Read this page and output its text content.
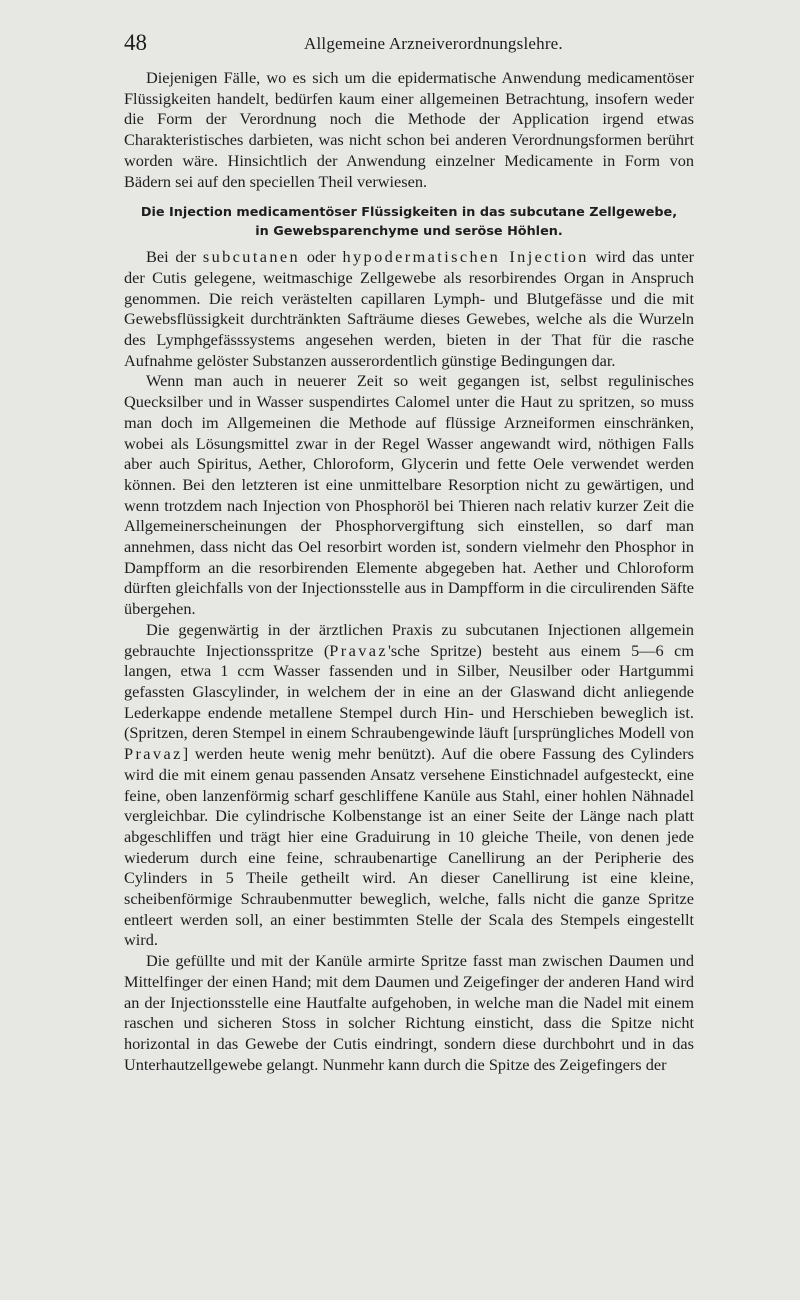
48	Allgemeine Arzneiverordnungslehre.

Diejenigen Fälle, wo es sich um die epidermatische Anwendung medicamentöser Flüssigkeiten handelt, bedürfen kaum einer allgemeinen Betrachtung, insofern weder die Form der Verordnung noch die Methode der Application irgend etwas Charakteristisches darbieten, was nicht schon bei anderen Verordnungsformen berührt worden wäre. Hinsichtlich der Anwendung einzelner Medicamente in Form von Bädern sei auf den speciellen Theil verwiesen.

Die Injection medicamentöser Flüssigkeiten in das subcutane Zellgewebe,
in Gewebsparenchyme und seröse Höhlen.

Bei der subcutanen oder hypodermatischen Injection wird das unter der Cutis gelegene, weitmaschige Zellgewebe als resorbirendes Organ in Anspruch genommen. Die reich verästelten capillaren Lymph- und Blutgefässe und die mit Gewebsflüssigkeit durchtränkten Safträume dieses Gewebes, welche als die Wurzeln des Lymphgefässsystems angesehen werden, bieten in der That für die rasche Aufnahme gelöster Substanzen ausserordentlich günstige Bedingungen dar.

Wenn man auch in neuerer Zeit so weit gegangen ist, selbst regulinisches Quecksilber und in Wasser suspendirtes Calomel unter die Haut zu spritzen, so muss man doch im Allgemeinen die Methode auf flüssige Arzneiformen einschränken, wobei als Lösungsmittel zwar in der Regel Wasser angewandt wird, nöthigen Falls aber auch Spiritus, Aether, Chloroform, Glycerin und fette Oele verwendet werden können. Bei den letzteren ist eine unmittelbare Resorption nicht zu gewärtigen, und wenn trotzdem nach Injection von Phosphoröl bei Thieren nach relativ kurzer Zeit die Allgemeinerscheinungen der Phosphorvergiftung sich einstellen, so darf man annehmen, dass nicht das Oel resorbirt worden ist, sondern vielmehr den Phosphor in Dampfform an die resorbirenden Elemente abgegeben hat. Aether und Chloroform dürften gleichfalls von der Injectionsstelle aus in Dampfform in die circulirenden Säfte übergehen.

Die gegenwärtig in der ärztlichen Praxis zu subcutanen Injectionen allgemein gebrauchte Injectionsspritze (Pravaz'sche Spritze) besteht aus einem 5—6 cm langen, etwa 1 ccm Wasser fassenden und in Silber, Neusilber oder Hartgummi gefassten Glascylinder, in welchem der in eine an der Glaswand dicht anliegende Lederkappe endende metallene Stempel durch Hin- und Herschieben beweglich ist. (Spritzen, deren Stempel in einem Schraubengewinde läuft [ursprüngliches Modell von Pravaz] werden heute wenig mehr benützt). Auf die obere Fassung des Cylinders wird die mit einem genau passenden Ansatz versehene Einstichnadel aufgesteckt, eine feine, oben lanzenförmig scharf geschliffene Kanüle aus Stahl, einer hohlen Nähnadel vergleichbar. Die cylindrische Kolbenstange ist an einer Seite der Länge nach platt abgeschliffen und trägt hier eine Graduirung in 10 gleiche Theile, von denen jede wiederum durch eine feine, schraubenartige Canellirung an der Peripherie des Cylinders in 5 Theile getheilt wird. An dieser Canellirung ist eine kleine, scheibenförmige Schraubenmutter beweglich, welche, falls nicht die ganze Spritze entleert werden soll, an einer bestimmten Stelle der Scala des Stempels eingestellt wird.

Die gefüllte und mit der Kanüle armirte Spritze fasst man zwischen Daumen und Mittelfinger der einen Hand; mit dem Daumen und Zeigefinger der anderen Hand wird an der Injectionsstelle eine Hautfalte aufgehoben, in welche man die Nadel mit einem raschen und sicheren Stoss in solcher Richtung einsticht, dass die Spitze nicht horizontal in das Gewebe der Cutis eindringt, sondern diese durchbohrt und in das Unterhautzellgewebe gelangt. Nunmehr kann durch die Spitze des Zeigefingers der
